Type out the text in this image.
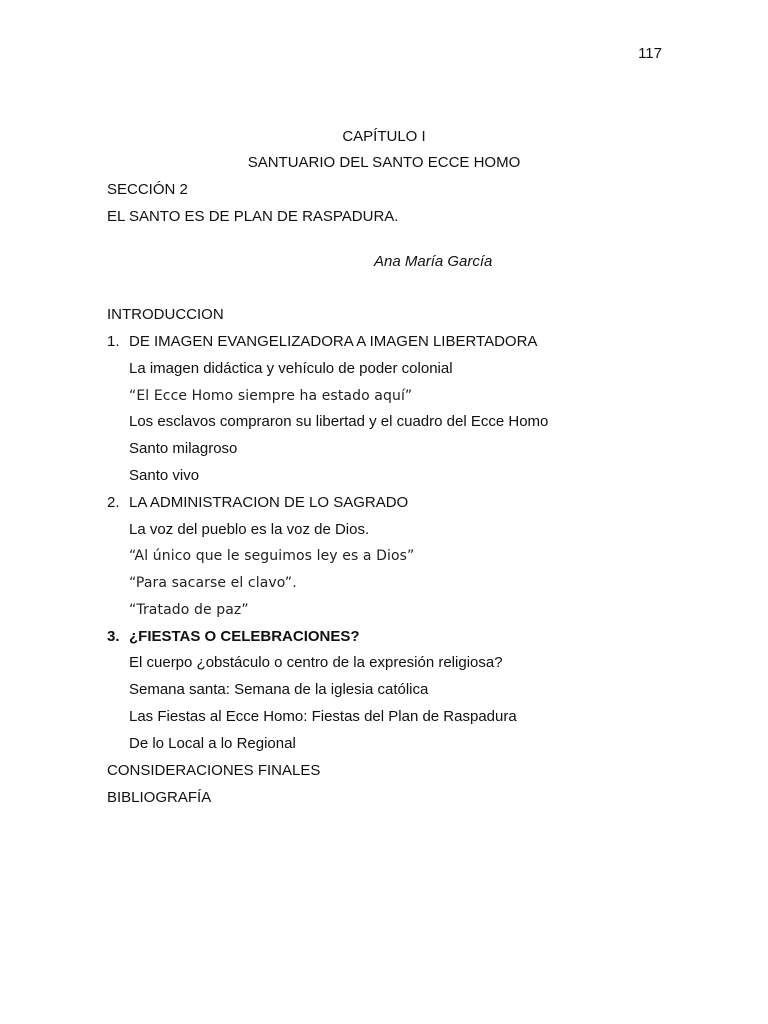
117
CAPÍTULO I
SANTUARIO DEL SANTO ECCE HOMO
SECCIÓN 2
EL SANTO ES DE PLAN DE RASPADURA.
Ana María García
INTRODUCCION
1. DE IMAGEN EVANGELIZADORA A IMAGEN LIBERTADORA
La imagen didáctica y vehículo de poder colonial
“El Ecce Homo siempre ha estado aquí”
Los esclavos compraron su libertad y el cuadro del Ecce Homo
Santo milagroso
Santo vivo
2. LA ADMINISTRACION DE LO SAGRADO
La voz del pueblo es la voz de Dios.
“Al único que le seguimos ley es a Dios”
“Para sacarse el clavo”.
“Tratado de paz”
3. ¿FIESTAS O CELEBRACIONES?
El cuerpo ¿obstáculo o centro de la expresión religiosa?
Semana santa: Semana de la iglesia católica
Las Fiestas al Ecce Homo: Fiestas del Plan de Raspadura
De lo Local a lo Regional
CONSIDERACIONES FINALES
BIBLIOGRAFÍA
